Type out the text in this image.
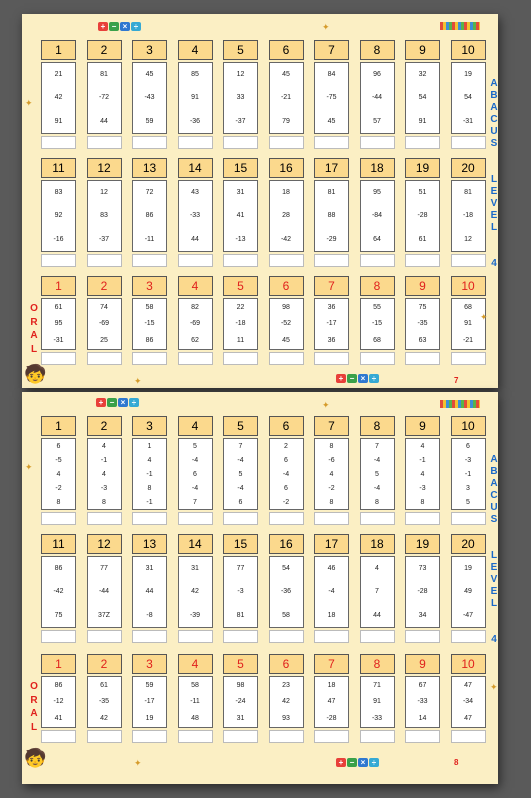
1
21
42
91
2
81
-72
44
3
45
-43
59
4
85
91
-36
5
12
33
-37
6
45
-21
79
7
84
-75
45
8
96
-44
57
9
32
54
91
10
19
54
-31
11
83
92
-16
12
12
83
-37
13
72
86
-11
14
43
-33
44
15
31
41
-13
16
18
28
-42
17
81
88
-29
18
95
-84
64
19
51
-28
61
20
81
-18
12
1
61
95
-31
2
74
-69
25
3
58
-15
86
4
82
-69
62
5
22
-18
11
6
98
-52
45
7
36
-17
36
8
55
-15
68
9
75
-35
63
10
68
91
-21
A
B
A
C
U
S

L
E
V
E
L

4
O
R
A
L
7
+ − × ÷
+ − × ÷
🧒
✦
✦
✦
✦
1
6
-5
4
-2
8
2
4
-1
4
-3
8
3
1
4
-1
8
-1
4
5
-4
6
-4
7
5
7
-4
5
-4
6
6
2
6
-4
6
-2
7
8
-6
4
-2
8
8
7
-4
5
-4
8
9
4
-1
4
-3
8
10
6
-3
-1
3
5
11
86
-42
75
12
77
-44
37Z
13
31
44
-8
14
31
42
-39
15
77
-3
81
16
54
-36
58
17
46
-4
18
18
4
7
44
19
73
-28
34
20
19
49
-47
1
86
-12
41
2
61
-35
42
3
59
-17
19
4
58
-11
48
5
98
-24
31
6
23
42
93
7
18
47
-28
8
71
91
-33
9
67
-33
14
10
47
-34
47
A
B
A
C
U
S

L
E
V
E
L

4
O
R
A
L
8
+ − × ÷
+ − × ÷
🧒
✦
✦
✦
✦
